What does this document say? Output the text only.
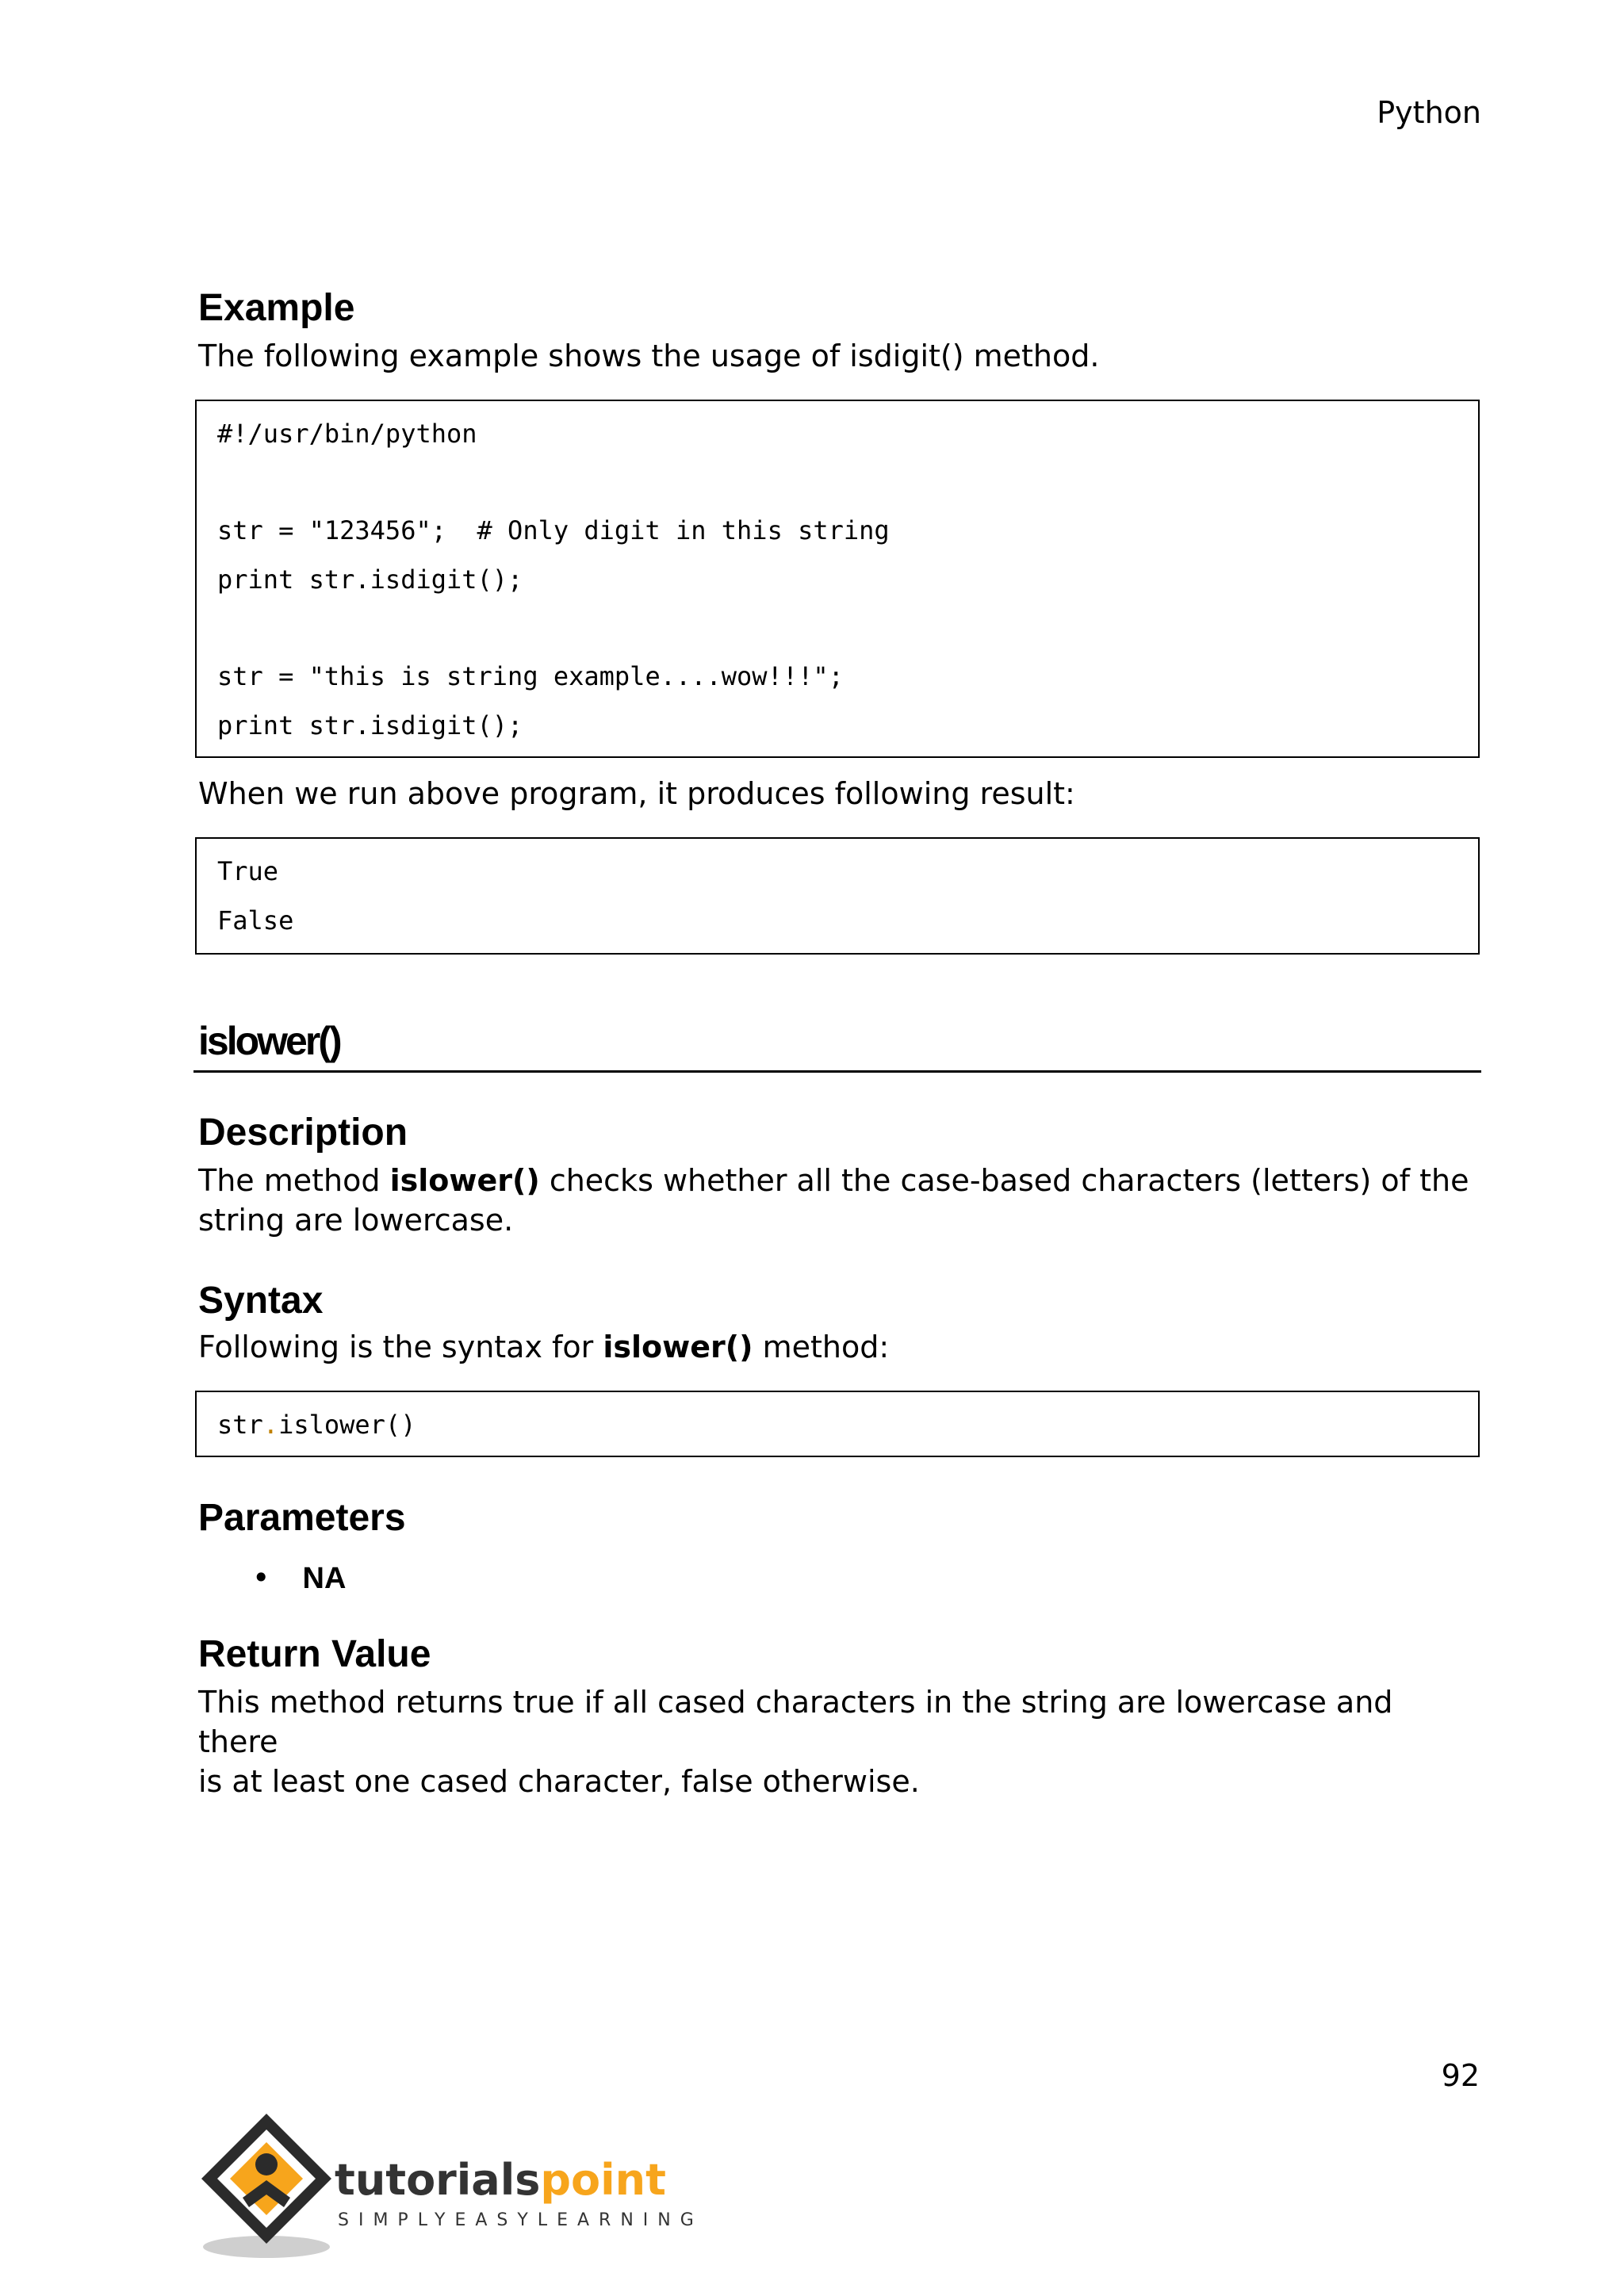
Python
Example

The following example shows the usage of isdigit() method.

#!/usr/bin/python
str = "123456";  # Only digit in this string
print str.isdigit();
str = "this is string example....wow!!!";
print str.isdigit();

When we run above program, it produces following result:

True
False
islower()
Description

The method islower() checks whether all the case-based characters (letters) of the
string are lowercase.

Syntax

Following is the syntax for islower() method:

str.islower()
Parameters
• NA
Return Value

This method returns true if all cased characters in the string are lowercase and there
is at least one cased character, false otherwise.

92
tutorialspoint
SIMPLYEASYLEARNING
